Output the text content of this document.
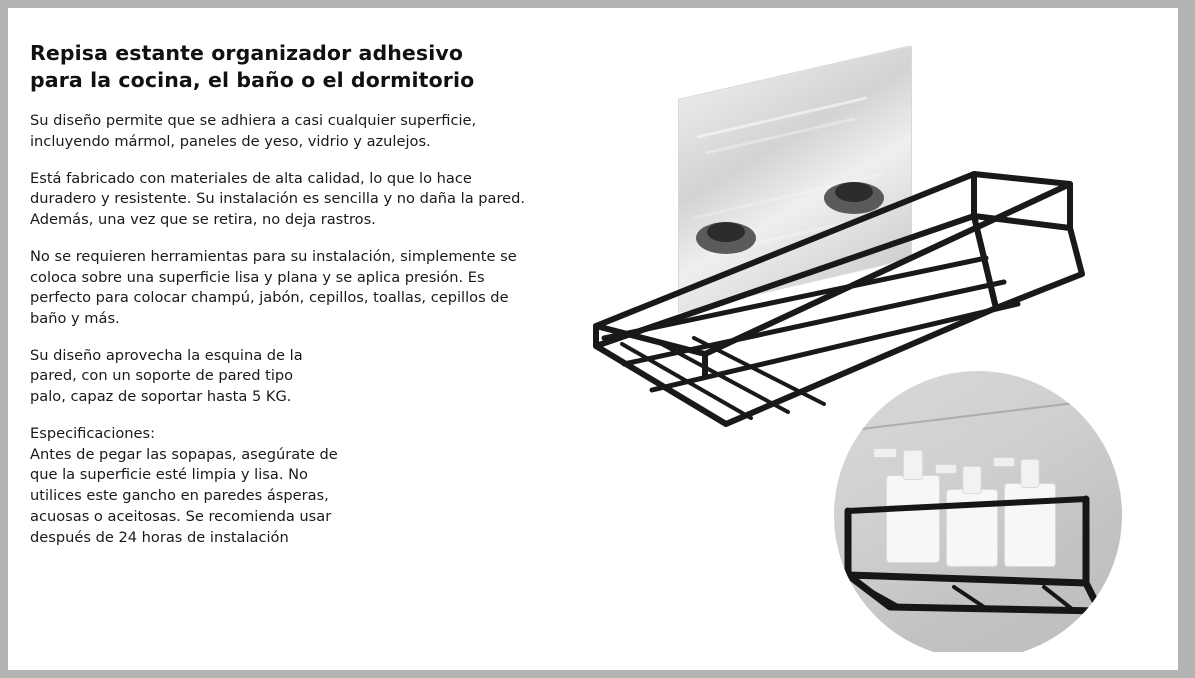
Repisa estante organizador adhesivo para la cocina, el baño o el dormitorio

Su diseño permite que se adhiera a casi cualquier superficie, incluyendo mármol, paneles de yeso, vidrio y azulejos.

Está fabricado con materiales de alta calidad, lo que lo hace duradero y resistente. Su instalación es sencilla y no daña la pared. Además, una vez que se retira, no deja rastros.

No se requieren herramientas para su instalación, simplemente se coloca sobre una superficie lisa y plana y se aplica presión. Es perfecto para colocar champú, jabón, cepillos, toallas, cepillos de baño y más.

Su diseño aprovecha la esquina de la pared, con un soporte de pared tipo palo, capaz de soportar hasta 5 KG.

Especificaciones:

Antes de pegar las sopapas, asegúrate de que la superficie esté limpia y lisa. No utilices este gancho en paredes ásperas, acuosas o aceitosas. Se recomienda usar después de 24 horas de instalación
